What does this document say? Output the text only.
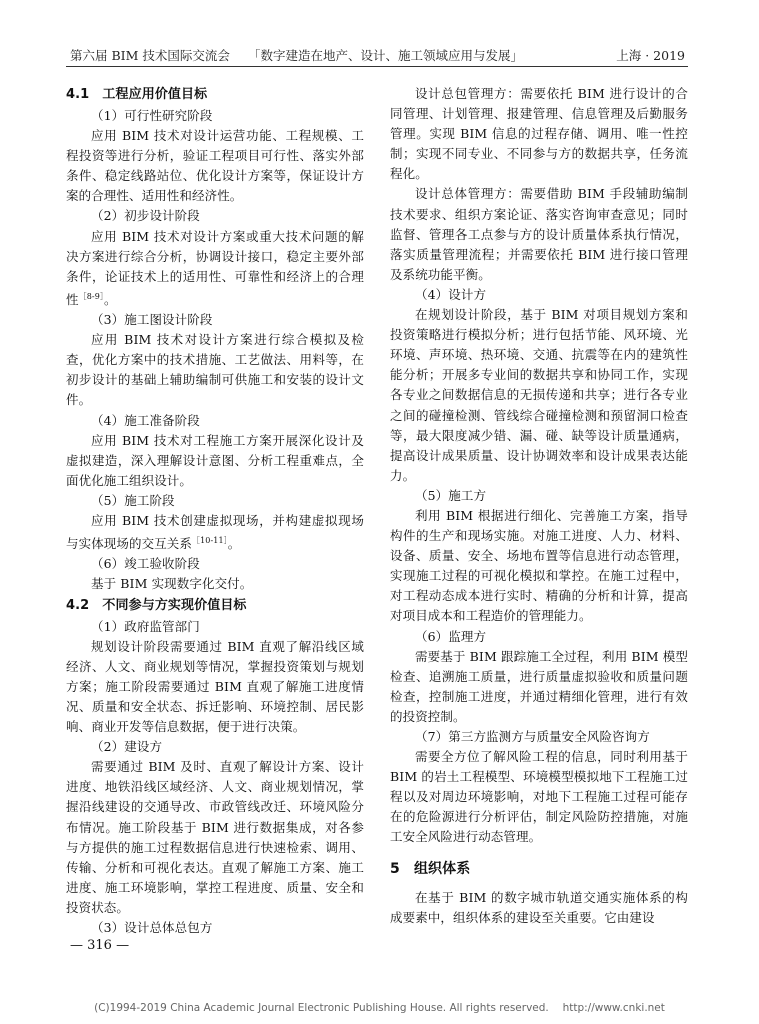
第六届 BIM 技术国际交流会 「数字建造在地产、设计、施工领域应用与发展」	上海 · 2019
4.1　工程应用价值目标

（1）可行性研究阶段

应用 BIM 技术对设计运营功能、工程规模、工程投资等进行分析，验证工程项目可行性、落实外部条件、稳定线路站位、优化设计方案等，保证设计方案的合理性、适用性和经济性。

（2）初步设计阶段

应用 BIM 技术对设计方案或重大技术问题的解决方案进行综合分析，协调设计接口，稳定主要外部条件，论证技术上的适用性、可靠性和经济上的合理性$^{[8-9]}$。

（3）施工图设计阶段

应用 BIM 技术对设计方案进行综合模拟及检查，优化方案中的技术措施、工艺做法、用料等，在初步设计的基础上辅助编制可供施工和安装的设计文件。

（4）施工准备阶段

应用 BIM 技术对工程施工方案开展深化设计及虚拟建造，深入理解设计意图、分析工程重难点，全面优化施工组织设计。

（5）施工阶段

应用 BIM 技术创建虚拟现场，并构建虚拟现场与实体现场的交互关系$^{[10-11]}$。

（6）竣工验收阶段

基于 BIM 实现数字化交付。

4.2　不同参与方实现价值目标

（1）政府监管部门

规划设计阶段需要通过 BIM 直观了解沿线区域经济、人文、商业规划等情况，掌握投资策划与规划方案；施工阶段需要通过 BIM 直观了解施工进度情况、质量和安全状态、拆迁影响、环境控制、居民影响、商业开发等信息数据，便于进行决策。

（2）建设方

需要通过 BIM 及时、直观了解设计方案、设计进度、地铁沿线区域经济、人文、商业规划情况，掌握沿线建设的交通导改、市政管线改迁、环境风险分布情况。施工阶段基于 BIM 进行数据集成，对各参与方提供的施工过程数据信息进行快速检索、调用、传输、分析和可视化表达。直观了解施工方案、施工进度、施工环境影响，掌控工程进度、质量、安全和投资状态。

（3）设计总体总包方

设计总包管理方：需要依托 BIM 进行设计的合同管理、计划管理、报建管理、信息管理及后勤服务管理。实现 BIM 信息的过程存储、调用、唯一性控制；实现不同专业、不同参与方的数据共享，任务流程化。

设计总体管理方：需要借助 BIM 手段辅助编制技术要求、组织方案论证、落实咨询审查意见；同时监督、管理各工点参与方的设计质量体系执行情况，落实质量管理流程；并需要依托 BIM 进行接口管理及系统功能平衡。

（4）设计方

在规划设计阶段，基于 BIM 对项目规划方案和投资策略进行模拟分析；进行包括节能、风环境、光环境、声环境、热环境、交通、抗震等在内的建筑性能分析；开展多专业间的数据共享和协同工作，实现各专业之间数据信息的无损传递和共享；进行各专业之间的碰撞检测、管线综合碰撞检测和预留洞口检查等，最大限度减少错、漏、碰、缺等设计质量通病，提高设计成果质量、设计协调效率和设计成果表达能力。

（5）施工方

利用 BIM 根据进行细化、完善施工方案，指导构件的生产和现场实施。对施工进度、人力、材料、设备、质量、安全、场地布置等信息进行动态管理，实现施工过程的可视化模拟和掌控。在施工过程中，对工程动态成本进行实时、精确的分析和计算，提高对项目成本和工程造价的管理能力。

（6）监理方

需要基于 BIM 跟踪施工全过程，利用 BIM 模型检查、追溯施工质量，进行质量虚拟验收和质量问题检查，控制施工进度，并通过精细化管理，进行有效的投资控制。

（7）第三方监测方与质量安全风险咨询方

需要全方位了解风险工程的信息，同时利用基于 BIM 的岩土工程模型、环境模型模拟地下工程施工过程以及对周边环境影响，对地下工程施工过程可能存在的危险源进行分析评估，制定风险防控措施，对施工安全风险进行动态管理。

5　组织体系

在基于 BIM 的数字城市轨道交通实施体系的构成要素中，组织体系的建设至关重要。它由建设

— 316 —
(C)1994-2019 China Academic Journal Electronic Publishing House. All rights reserved.　 http://www.cnki.net
